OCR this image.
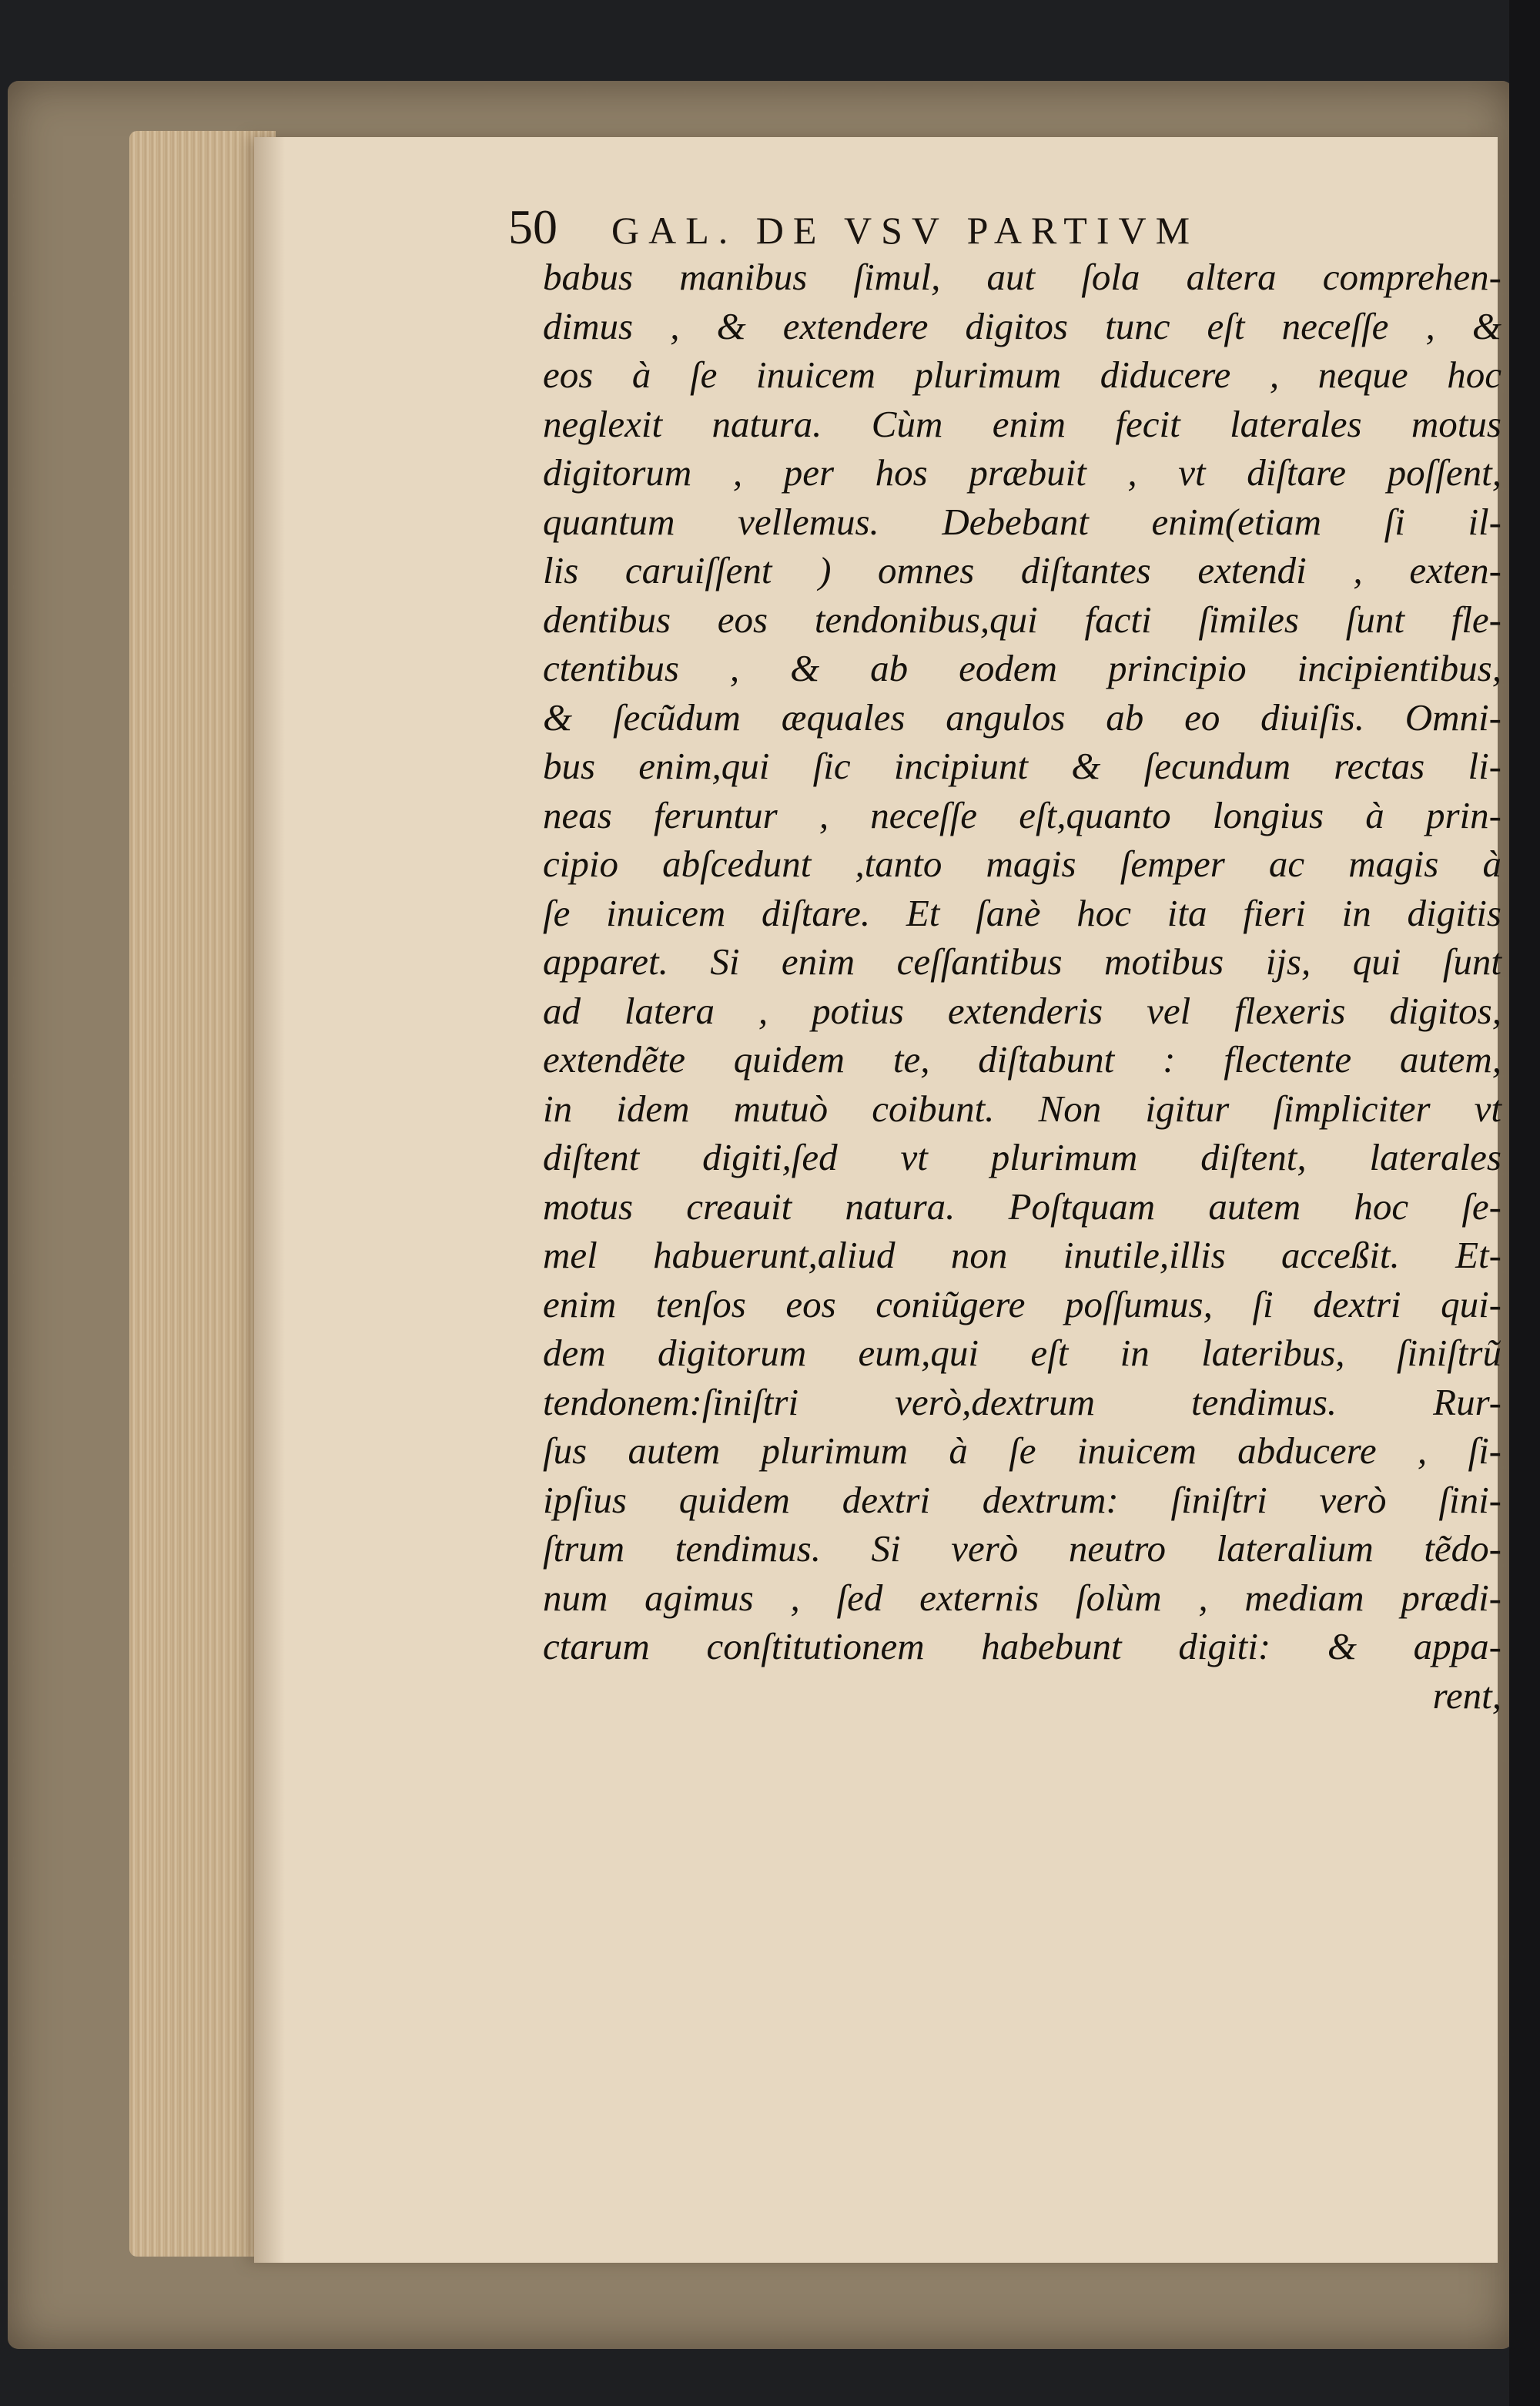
50 GAL. DE VSV PARTIVM
babus manibus ſimul, aut ſola altera comprehen-
dimus , & extendere digitos tunc eſt neceſſe , &
eos à ſe inuicem plurimum diducere , neque hoc
neglexit natura. Cùm enim fecit laterales motus
digitorum , per hos præbuit , vt diſtare poſſent,
quantum vellemus. Debebant enim(etiam ſi il-
lis caruiſſent ) omnes diſtantes extendi , exten-
dentibus eos tendonibus,qui facti ſimiles ſunt fle-
ctentibus , & ab eodem principio incipientibus,
& ſecũdum æquales angulos ab eo diuiſis. Omni-
bus enim,qui ſic incipiunt & ſecundum rectas li-
neas feruntur , neceſſe eſt,quanto longius à prin-
cipio abſcedunt ,tanto magis ſemper ac magis à
ſe inuicem diſtare. Et ſanè hoc ita fieri in digitis
apparet. Si enim ceſſantibus motibus ijs, qui ſunt
ad latera , potius extenderis vel flexeris digitos,
extendẽte quidem te, diſtabunt : flectente autem,
in idem mutuò coibunt. Non igitur ſimpliciter vt
diſtent digiti,ſed vt plurimum diſtent, laterales
motus creauit natura. Poſtquam autem hoc ſe-
mel habuerunt,aliud non inutile,illis acceßit. Et-
enim tenſos eos coniũgere poſſumus, ſi dextri qui-
dem digitorum eum,qui eſt in lateribus, ſiniſtrũ
tendonem:ſiniſtri verò,dextrum tendimus. Rur-
ſus autem plurimum à ſe inuicem abducere , ſi-
ipſius quidem dextri dextrum: ſiniſtri verò ſini-
ſtrum tendimus. Si verò neutro lateralium tẽdo-
num agimus , ſed externis ſolùm , mediam prædi-
ctarum conſtitutionem habebunt digiti: & appa-
rent,
